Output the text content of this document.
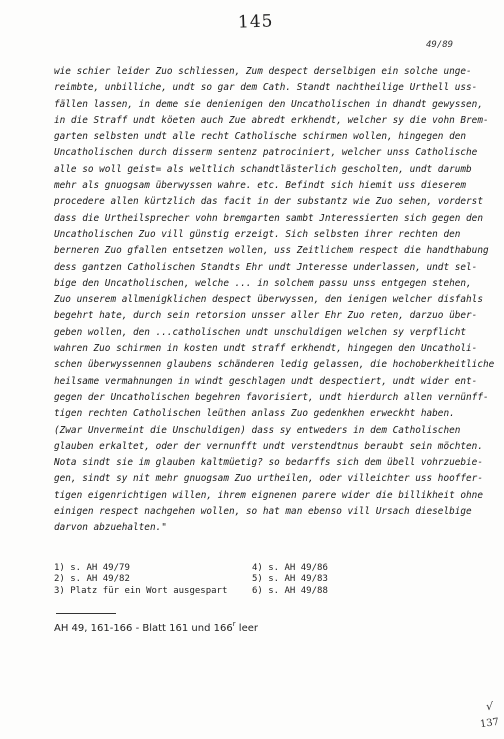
145
49/89
wie schier leider Zuo schliessen, Zum despect derselbigen ein solche unge-
reimbte, unbilliche, undt so gar dem Cath. Standt nachtheilige Urthell uss-
fällen lassen, in deme sie denienigen den Uncatholischen in dhandt gewyssen,
in die Straff undt köeten auch Zue abredt erkhendt, welcher sy die vohn Brem-
garten selbsten undt alle recht Catholische schirmen wollen, hingegen den
Uncatholischen durch disserm sentenz patrociniert, welcher unss Catholische
alle so woll geist= als weltlich schandtlästerlich gescholten, undt darumb
mehr als gnuogsam überwyssen wahre. etc. Befindt sich hiemit uss dieserem
procedere allen kürtzlich das facit in der substantz wie Zuo sehen, vorderst
dass die Urtheilsprecher vohn bremgarten sambt Jnteressierten sich gegen den
Uncatholischen Zuo vill günstig erzeigt. Sich selbsten ihrer rechten den
berneren Zuo gfallen entsetzen wollen, uss Zeitlichem respect die handthabung
dess gantzen Catholischen Standts Ehr undt Jnteresse underlassen, undt sel-
bige den Uncatholischen, welche ... in solchem passu unss entgegen stehen,
Zuo unserem allmenigklichen despect überwyssen, den ienigen welcher disfahls
begehrt hate, durch sein retorsion unsser aller Ehr Zuo reten, darzuo über-
geben wollen, den ...catholischen undt unschuldigen welchen sy verpflicht
wahren Zuo schirmen in kosten undt straff erkhendt, hingegen den Uncatholi-
schen überwyssennen glaubens schänderen ledig gelassen, die hochoberkheitliche
heilsame vermahnungen in windt geschlagen undt despectiert, undt wider ent-
gegen der Uncatholischen begehren favorisiert, undt hierdurch allen vernünff-
tigen rechten Catholischen leüthen anlass Zuo gedenkhen erweckht haben.
(Zwar Unvermeint die Unschuldigen) dass sy entweders in dem Catholischen
glauben erkaltet, oder der vernunfft undt verstendtnus beraubt sein möchten.
Nota sindt sie im glauben kaltmüetig? so bedarffs sich dem übell vohrzuebie-
gen, sindt sy nit mehr gnuogsam Zuo urtheilen, oder villeichter uss hooffer-
tigen eigenrichtigen willen, ihrem eignenen parere wider die billikheit ohne
einigen respect nachgehen wollen, so hat man ebenso vill Ursach dieselbige
darvon abzuehalten."
1) s. AH 49/79	4) s. AH 49/86
2) s. AH 49/82	5) s. AH 49/83
3) Platz für ein Wort ausgespart	6) s. AH 49/88
AH 49, 161-166 - Blatt 161 und 166$^r$ leer
√
137
